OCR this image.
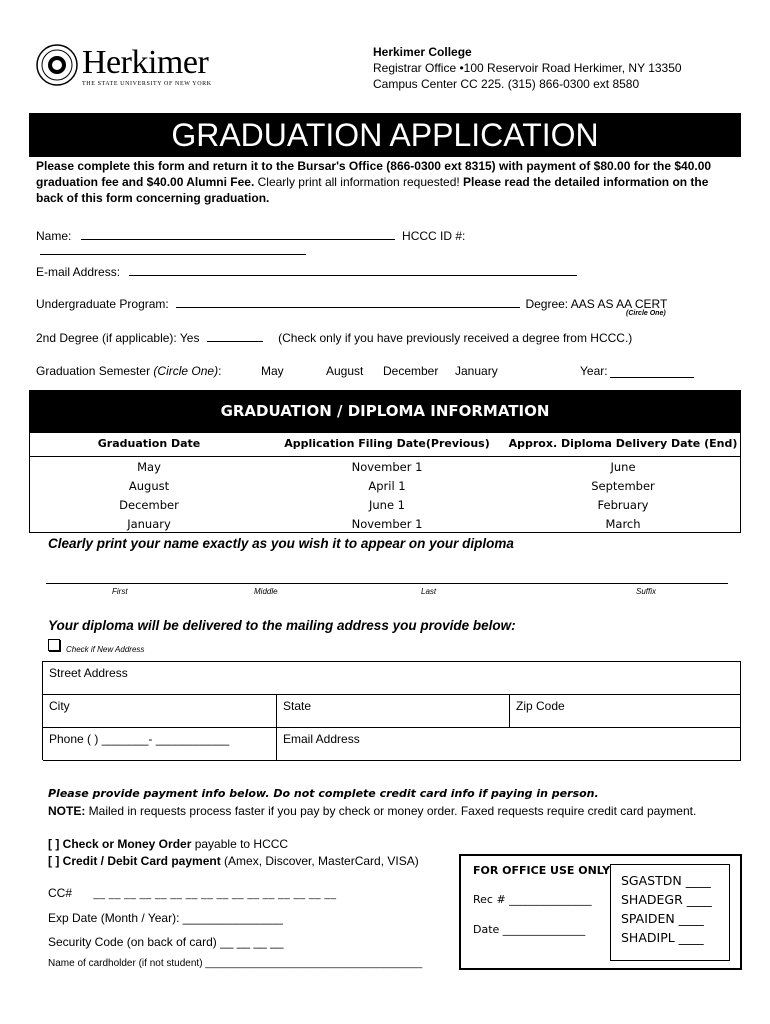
Herkimer
THE STATE UNIVERSITY OF NEW YORK
Herkimer College
Registrar Office •100 Reservoir Road Herkimer, NY 13350
Campus Center CC 225. (315) 866-0300 ext 8580
GRADUATION APPLICATION
Please complete this form and return it to the Bursar's Office (866-0300 ext 8315) with payment of $80.00 for the $40.00 graduation fee and $40.00 Alumni Fee. Clearly print all information requested! Please read the detailed information on the back of this form concerning graduation.
Name:	HCCC ID #:
E-mail Address:
Undergraduate Program:	Degree: AAS AS AA CERT
(Circle One)
2nd Degree (if applicable): Yes	(Check only if you have previously received a degree from HCCC.)
Graduation Semester (Circle One):	May	August December January	Year:
GRADUATION / DIPLOMA INFORMATION
Graduation Date	Application Filing Date(Previous)	Approx. Diploma Delivery Date (End)
May	November 1	June
August	April 1	September
December	June 1	February
January	November 1	March
Clearly print your name exactly as you wish it to appear on your diploma
First	Middle	Last	Suffix
Your diploma will be delivered to the mailing address you provide below:
Check if New Address
Street Address
City	State	Zip Code
Phone ( ) _______- ___________	Email Address
Please provide payment info below. Do not complete credit card info if paying in person.
NOTE: Mailed in requests process faster if you pay by check or money order. Faxed requests require credit card payment.
[ ] Check or Money Order payable to HCCC
[ ] Credit / Debit Card payment (Amex, Discover, MasterCard, VISA)
CC# __ __ __ __ __ __ __ __ __ __ __ __ __ __ __ __
Exp Date (Month / Year): _______________
Security Code (on back of card) __ __ __ __
Name of cardholder (if not student) _______________________________________
FOR OFFICE USE ONLY
Rec # _______________
Date _______________
SGASTDN ____
SHADEGR ____
SPAIDEN ____
SHADIPL ____
